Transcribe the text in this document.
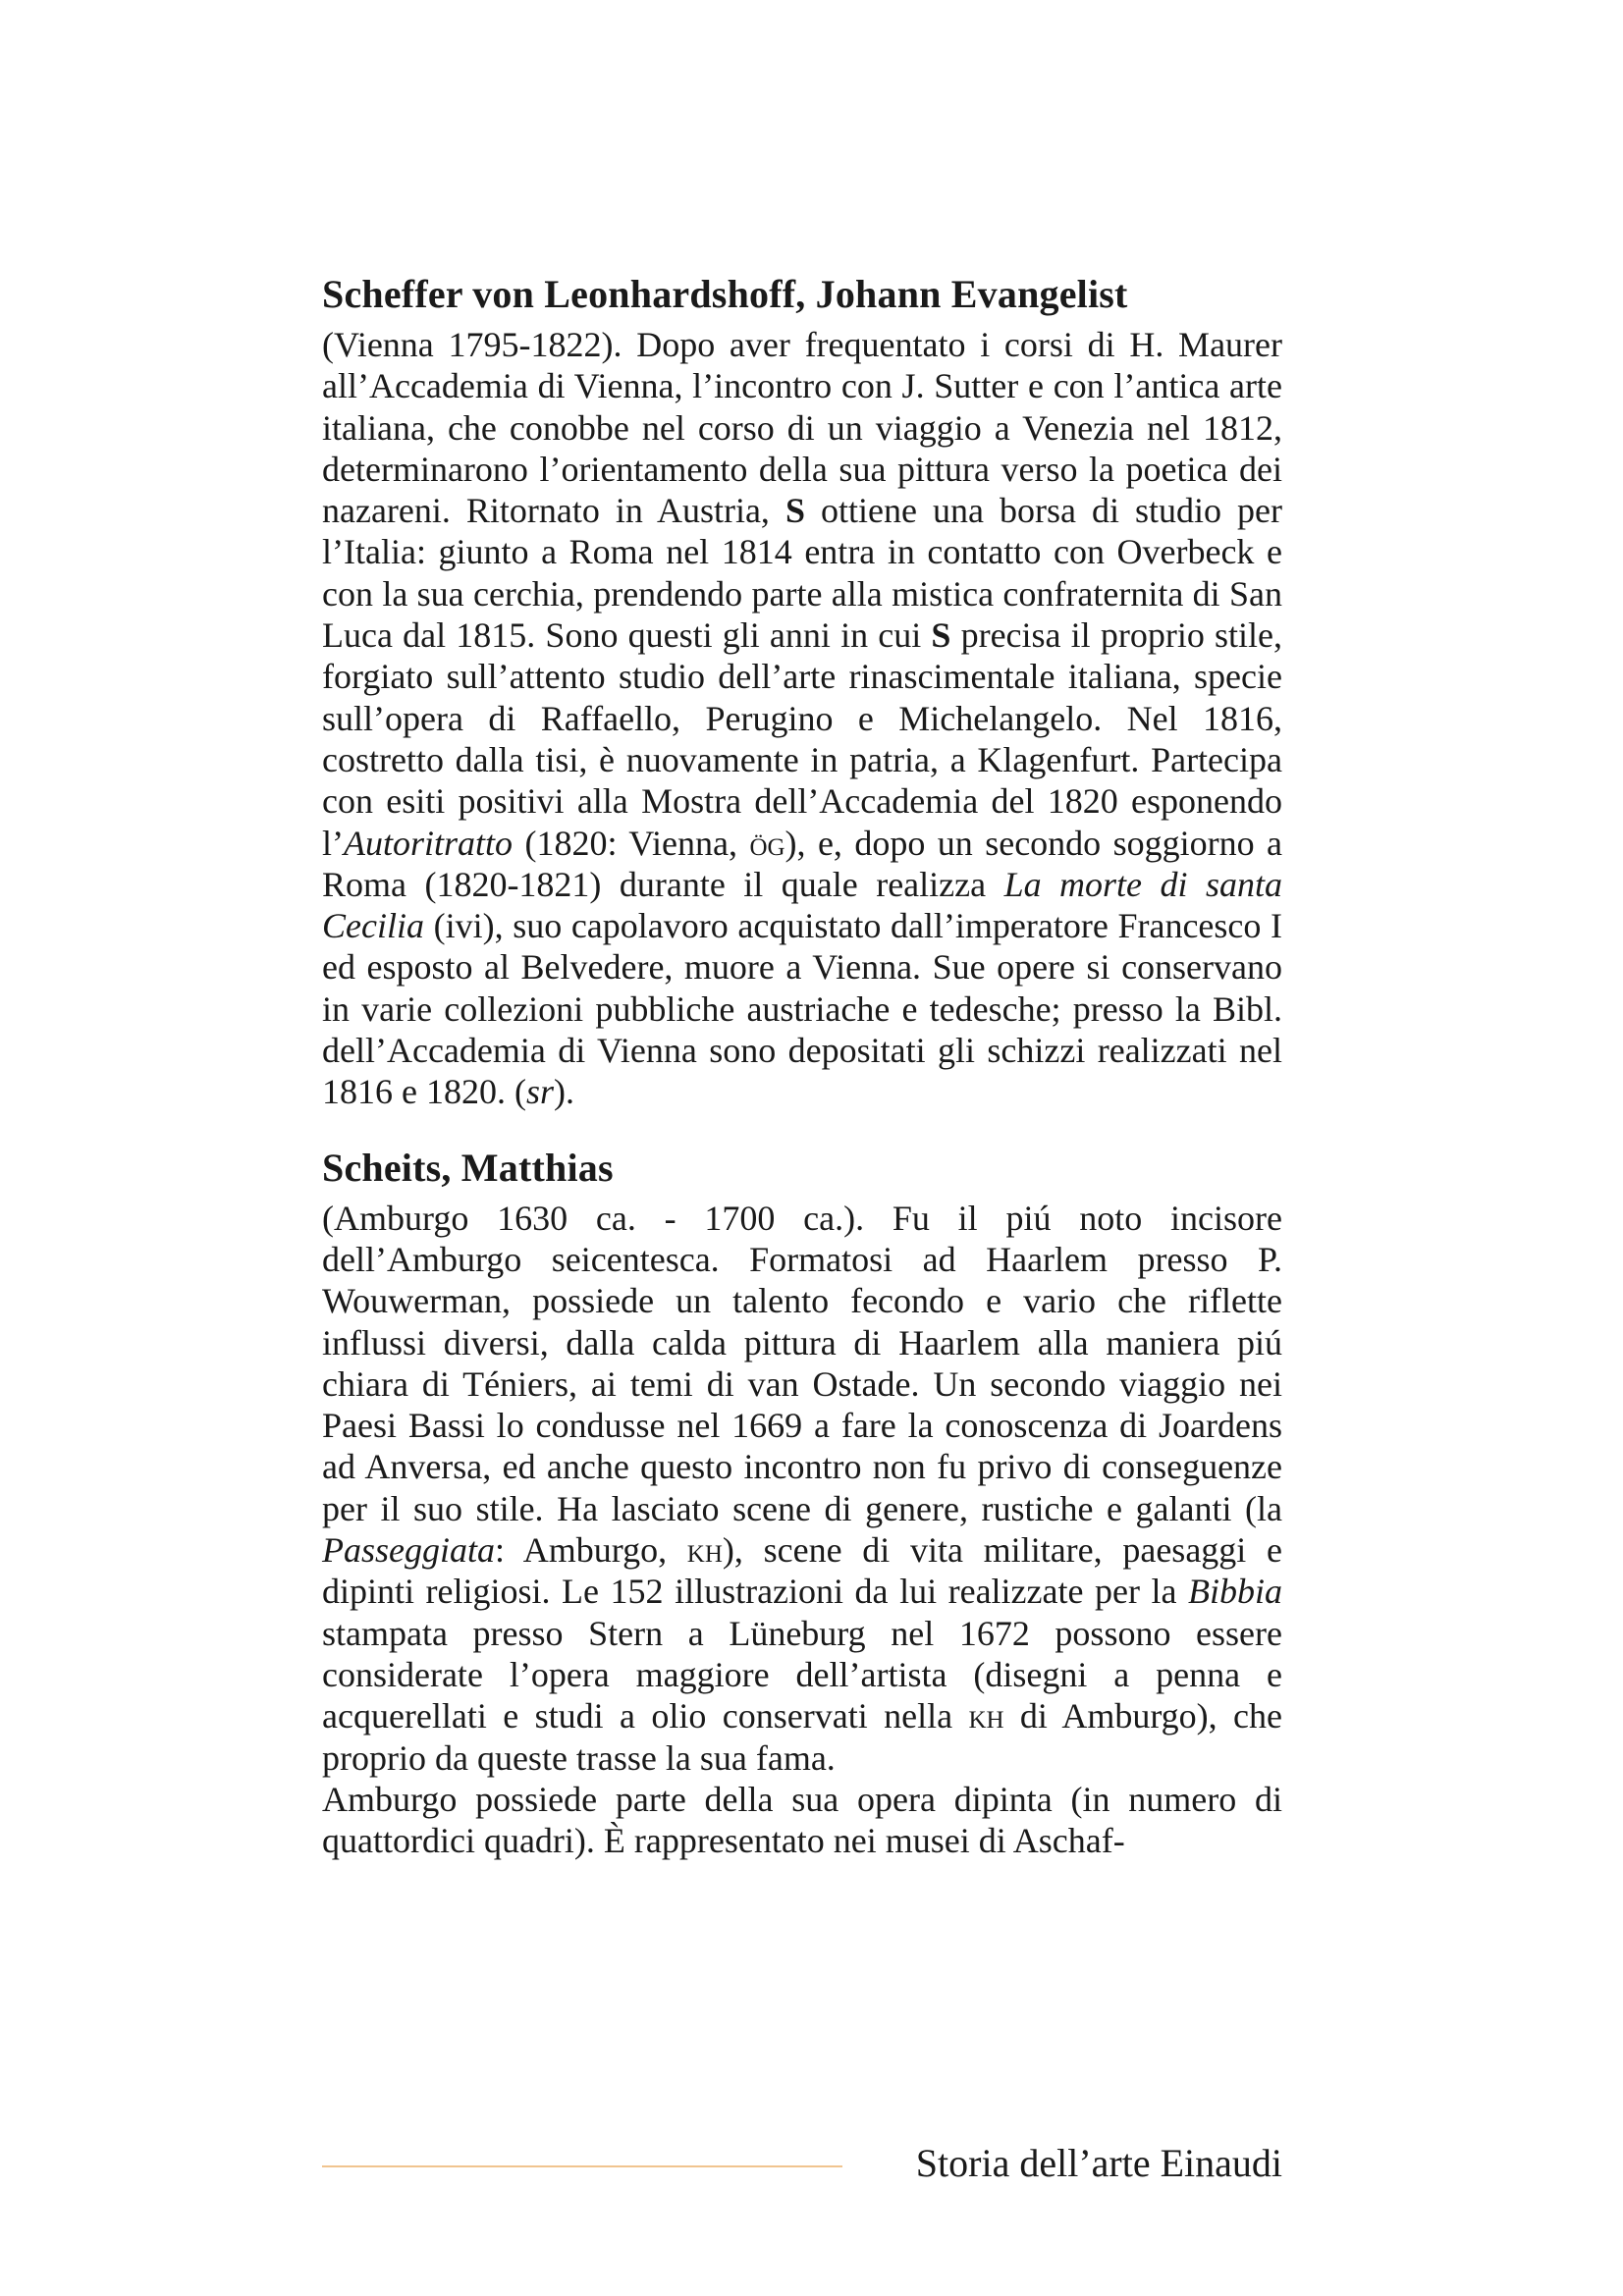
Scheffer von Leonhardshoff, Johann Evangelist

(Vienna 1795-1822). Dopo aver frequentato i corsi di H. Maurer all’Accademia di Vienna, l’incontro con J. Sutter e con l’antica arte italiana, che conobbe nel corso di un viaggio a Venezia nel 1812, determinarono l’orientamento della sua pittura verso la poetica dei nazareni. Ritornato in Austria, S ottiene una borsa di studio per l’Italia: giunto a Roma nel 1814 entra in contatto con Overbeck e con la sua cerchia, prendendo parte alla mistica confraternita di San Luca dal 1815. Sono questi gli anni in cui S precisa il proprio stile, forgiato sull’attento studio dell’arte rinascimentale italiana, specie sull’opera di Raffaello, Perugino e Michelangelo. Nel 1816, costretto dalla tisi, è nuovamente in patria, a Klagenfurt. Partecipa con esiti positivi alla Mostra dell’Accademia del 1820 esponendo l’Autoritratto (1820: Vienna, ög), e, dopo un secondo soggiorno a Roma (1820-1821) durante il quale realizza La morte di santa Cecilia (ivi), suo capolavoro acquistato dall’imperatore Francesco I ed esposto al Belvedere, muore a Vienna. Sue opere si conservano in varie collezioni pubbliche austriache e tedesche; presso la Bibl. dell’Accademia di Vienna sono depositati gli schizzi realizzati nel 1816 e 1820. (sr).

Scheits, Matthias

(Amburgo 1630 ca. - 1700 ca.). Fu il piú noto incisore dell’Amburgo seicentesca. Formatosi ad Haarlem presso P. Wouwerman, possiede un talento fecondo e vario che riflette influssi diversi, dalla calda pittura di Haarlem alla maniera piú chiara di Téniers, ai temi di van Ostade. Un secondo viaggio nei Paesi Bassi lo condusse nel 1669 a fare la conoscenza di Joardens ad Anversa, ed anche questo incontro non fu privo di conseguenze per il suo stile. Ha lasciato scene di genere, rustiche e galanti (la Passeggiata: Amburgo, kh), scene di vita militare, paesaggi e dipinti religiosi. Le 152 illustrazioni da lui realizzate per la Bibbia stampata presso Stern a Lüneburg nel 1672 possono essere considerate l’opera maggiore dell’artista (disegni a penna e acquerellati e studi a olio conservati nella kh di Amburgo), che proprio da queste trasse la sua fama.

Amburgo possiede parte della sua opera dipinta (in numero di quattordici quadri). È rappresentato nei musei di Aschaf-

Storia dell’arte Einaudi
